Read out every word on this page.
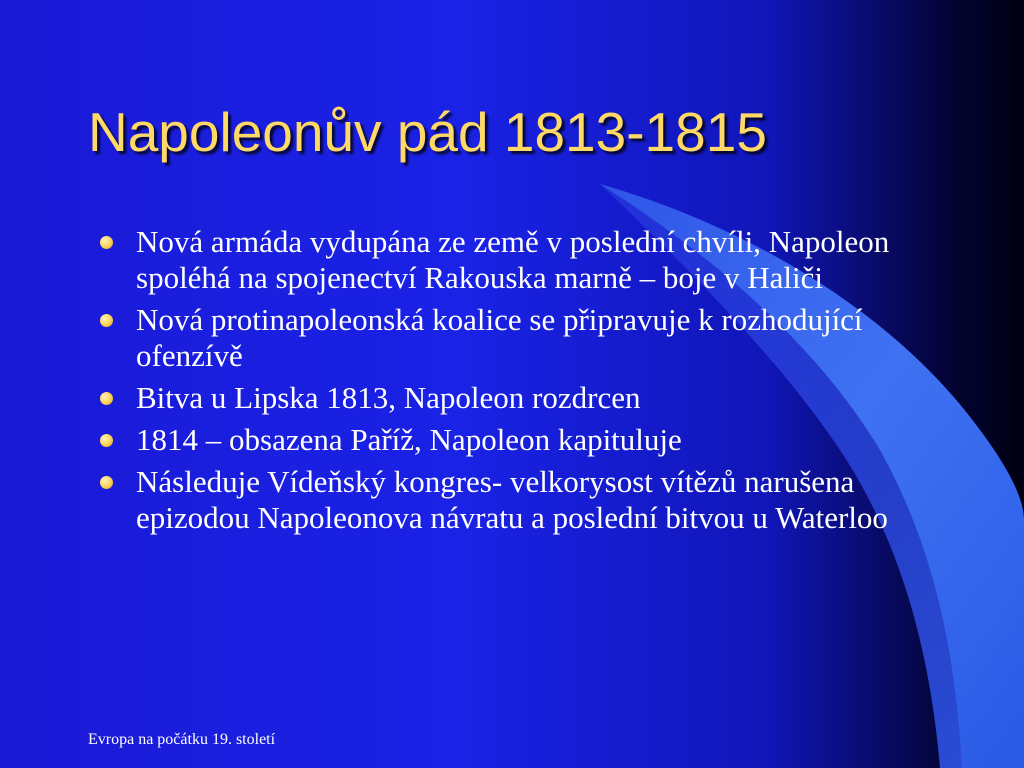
Napoleonův pád 1813-1815
Nová armáda vydupána ze země v poslední chvíli, Napoleon spoléhá na spojenectví Rakouska marně – boje v Haliči
Nová protinapoleonská koalice se připravuje k rozhodující ofenzívě
Bitva u Lipska 1813, Napoleon rozdrcen
1814 – obsazena Paříž, Napoleon kapituluje
Následuje Vídeňský kongres- velkorysost vítězů narušena epizodou Napoleonova návratu a poslední bitvou u Waterloo
Evropa na počátku 19. století
